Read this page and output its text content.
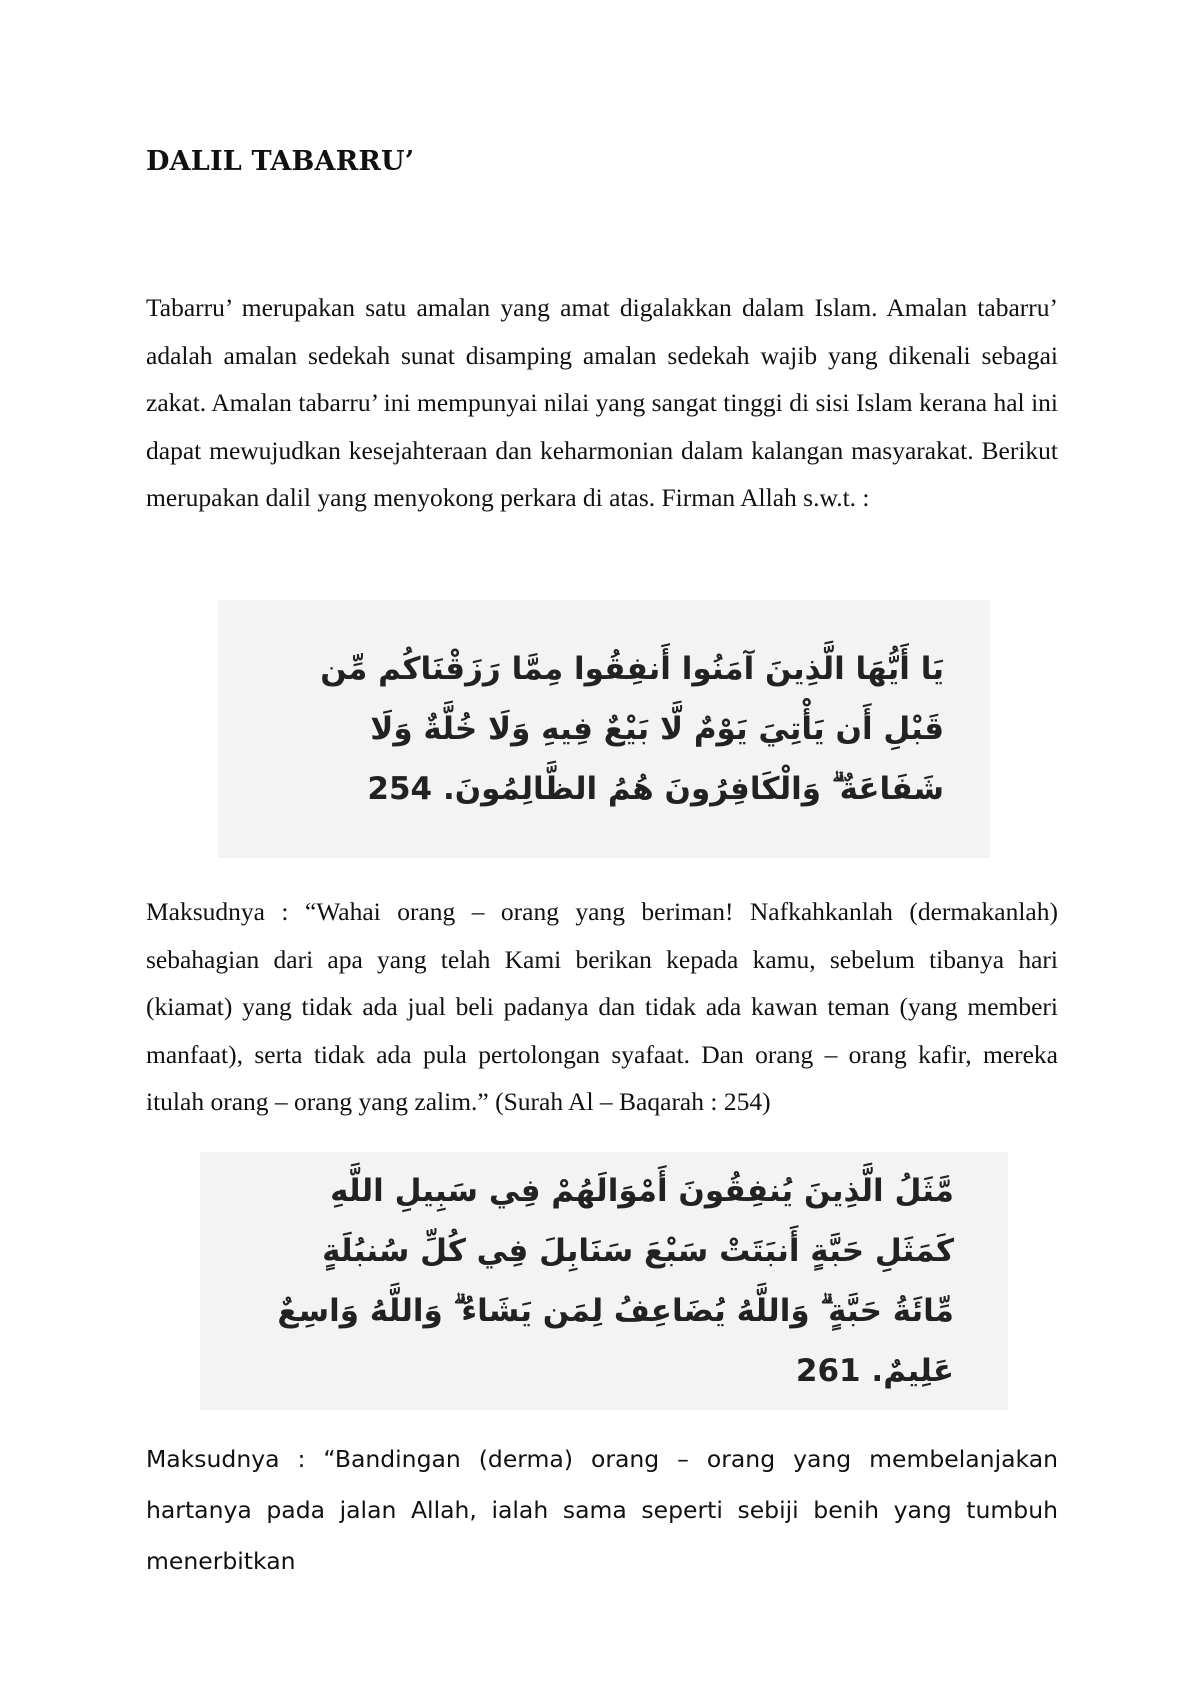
DALIL TABARRU’

Tabarru’ merupakan satu amalan yang amat digalakkan dalam Islam. Amalan tabarru’ adalah amalan sedekah sunat disamping amalan sedekah wajib yang dikenali sebagai zakat. Amalan tabarru’ ini mempunyai nilai yang sangat tinggi di sisi Islam kerana hal ini dapat mewujudkan kesejahteraan dan keharmonian dalam kalangan masyarakat. Berikut merupakan dalil yang menyokong perkara di atas. Firman Allah s.w.t. :

يَا أَيُّهَا الَّذِينَ آمَنُوا أَنفِقُوا مِمَّا رَزَقْنَاكُم مِّن قَبْلِ أَن يَأْتِيَ يَوْمٌ لَّا بَيْعٌ فِيهِ وَلَا خُلَّةٌ وَلَا شَفَاعَةٌ ۗ وَالْكَافِرُونَ هُمُ الظَّالِمُونَ. 254

Maksudnya : “Wahai orang – orang yang beriman! Nafkahkanlah (dermakanlah) sebahagian dari apa yang telah Kami berikan kepada kamu, sebelum tibanya hari (kiamat) yang tidak ada jual beli padanya dan tidak ada kawan teman (yang memberi manfaat), serta tidak ada pula pertolongan syafaat. Dan orang – orang kafir, mereka itulah orang – orang yang zalim.” (Surah Al – Baqarah : 254)

مَّثَلُ الَّذِينَ يُنفِقُونَ أَمْوَالَهُمْ فِي سَبِيلِ اللَّهِ كَمَثَلِ حَبَّةٍ أَنبَتَتْ سَبْعَ سَنَابِلَ فِي كُلِّ سُنبُلَةٍ مِّائَةُ حَبَّةٍ ۗ وَاللَّهُ يُضَاعِفُ لِمَن يَشَاءُ ۗ وَاللَّهُ وَاسِعٌ عَلِيمٌ. 261

Maksudnya : “Bandingan (derma) orang – orang yang membelanjakan hartanya pada jalan Allah, ialah sama seperti sebiji benih yang tumbuh menerbitkan
